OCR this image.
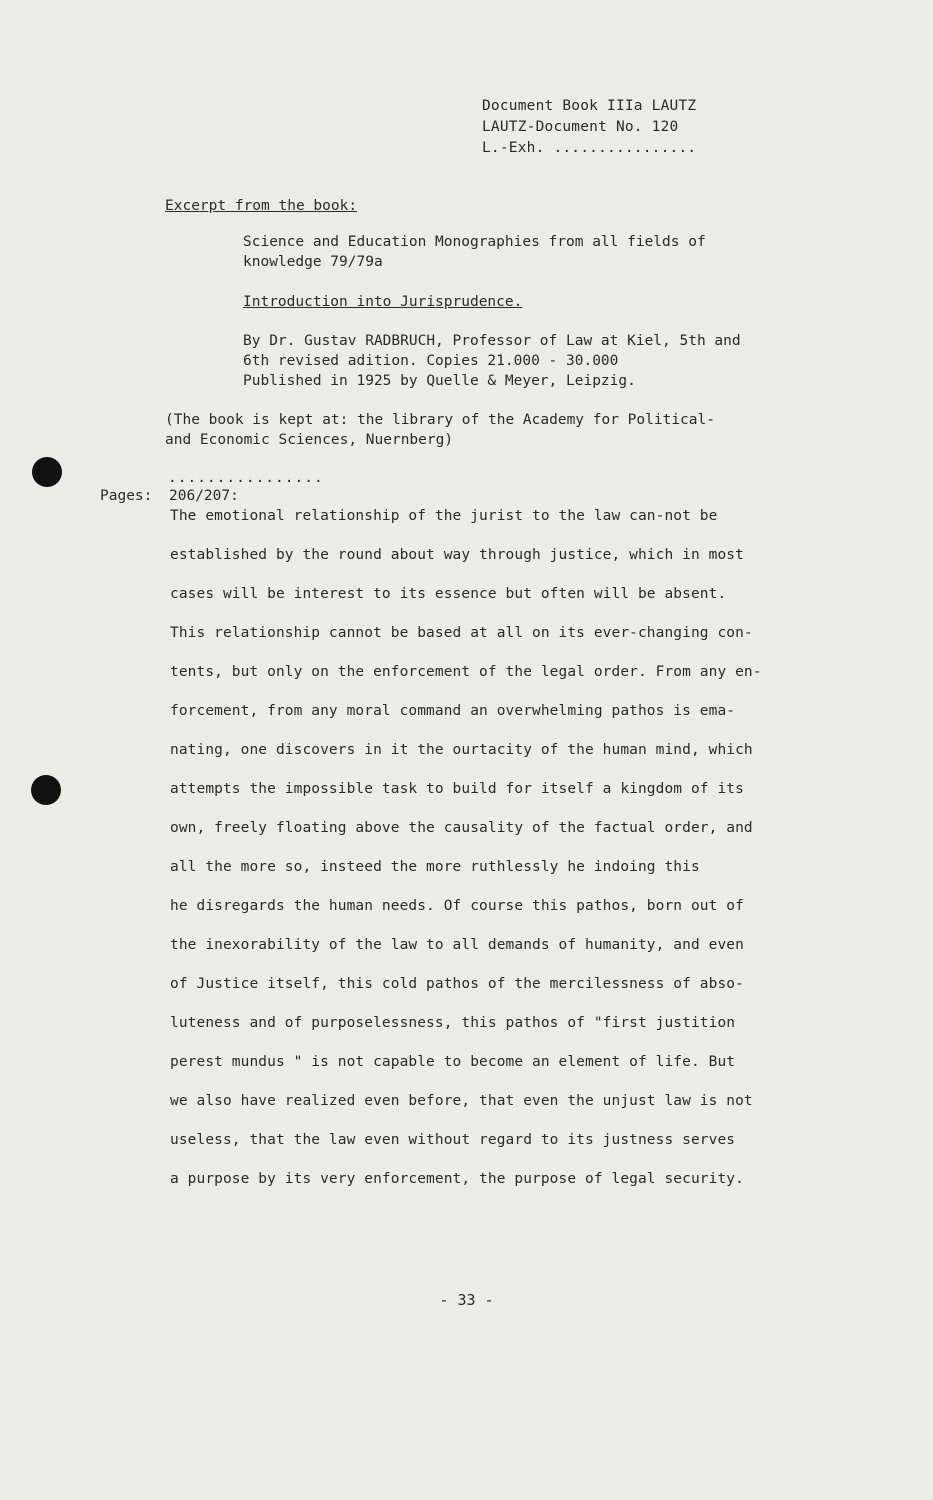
Document Book IIIa LAUTZ
LAUTZ-Document No. 120
L.-Exh. ................
Excerpt from the book:
Science and Education Monographies from all fields of
knowledge 79/79a
Introduction into Jurisprudence.
By Dr. Gustav RADBRUCH, Professor of Law at Kiel, 5th and
6th revised adition. Copies 21.000 - 30.000
Published in 1925 by Quelle & Meyer, Leipzig.
(The book is kept at: the library of the Academy for Political-
and Economic Sciences, Nuernberg)
................
Pages: 206/207:
The emotional relationship of the jurist to the law can-not be
established by the round about way through justice, which in most
cases will be interest to its essence but often will be absent.
This relationship cannot be based at all on its ever-changing con-
tents, but only on the enforcement of the legal order. From any en-
forcement, from any moral command an overwhelming pathos is ema-
nating, one discovers in it the ourtacity of the human mind, which
attempts the impossible task to build for itself a kingdom of its
own, freely floating above the causality of the factual order, and
all the more so, insteed the more ruthlessly he indoing this
he disregards the human needs. Of course this pathos, born out of
the inexorability of the law to all demands of humanity, and even
of Justice itself, this cold pathos of the mercilessness of abso-
luteness and of purposelessness, this pathos of "first justition
perest mundus " is not capable to become an element of life. But
we also have realized even before, that even the unjust law is not
useless, that the law even without regard to its justness serves
a purpose by its very enforcement, the purpose of legal security.
- 33 -
